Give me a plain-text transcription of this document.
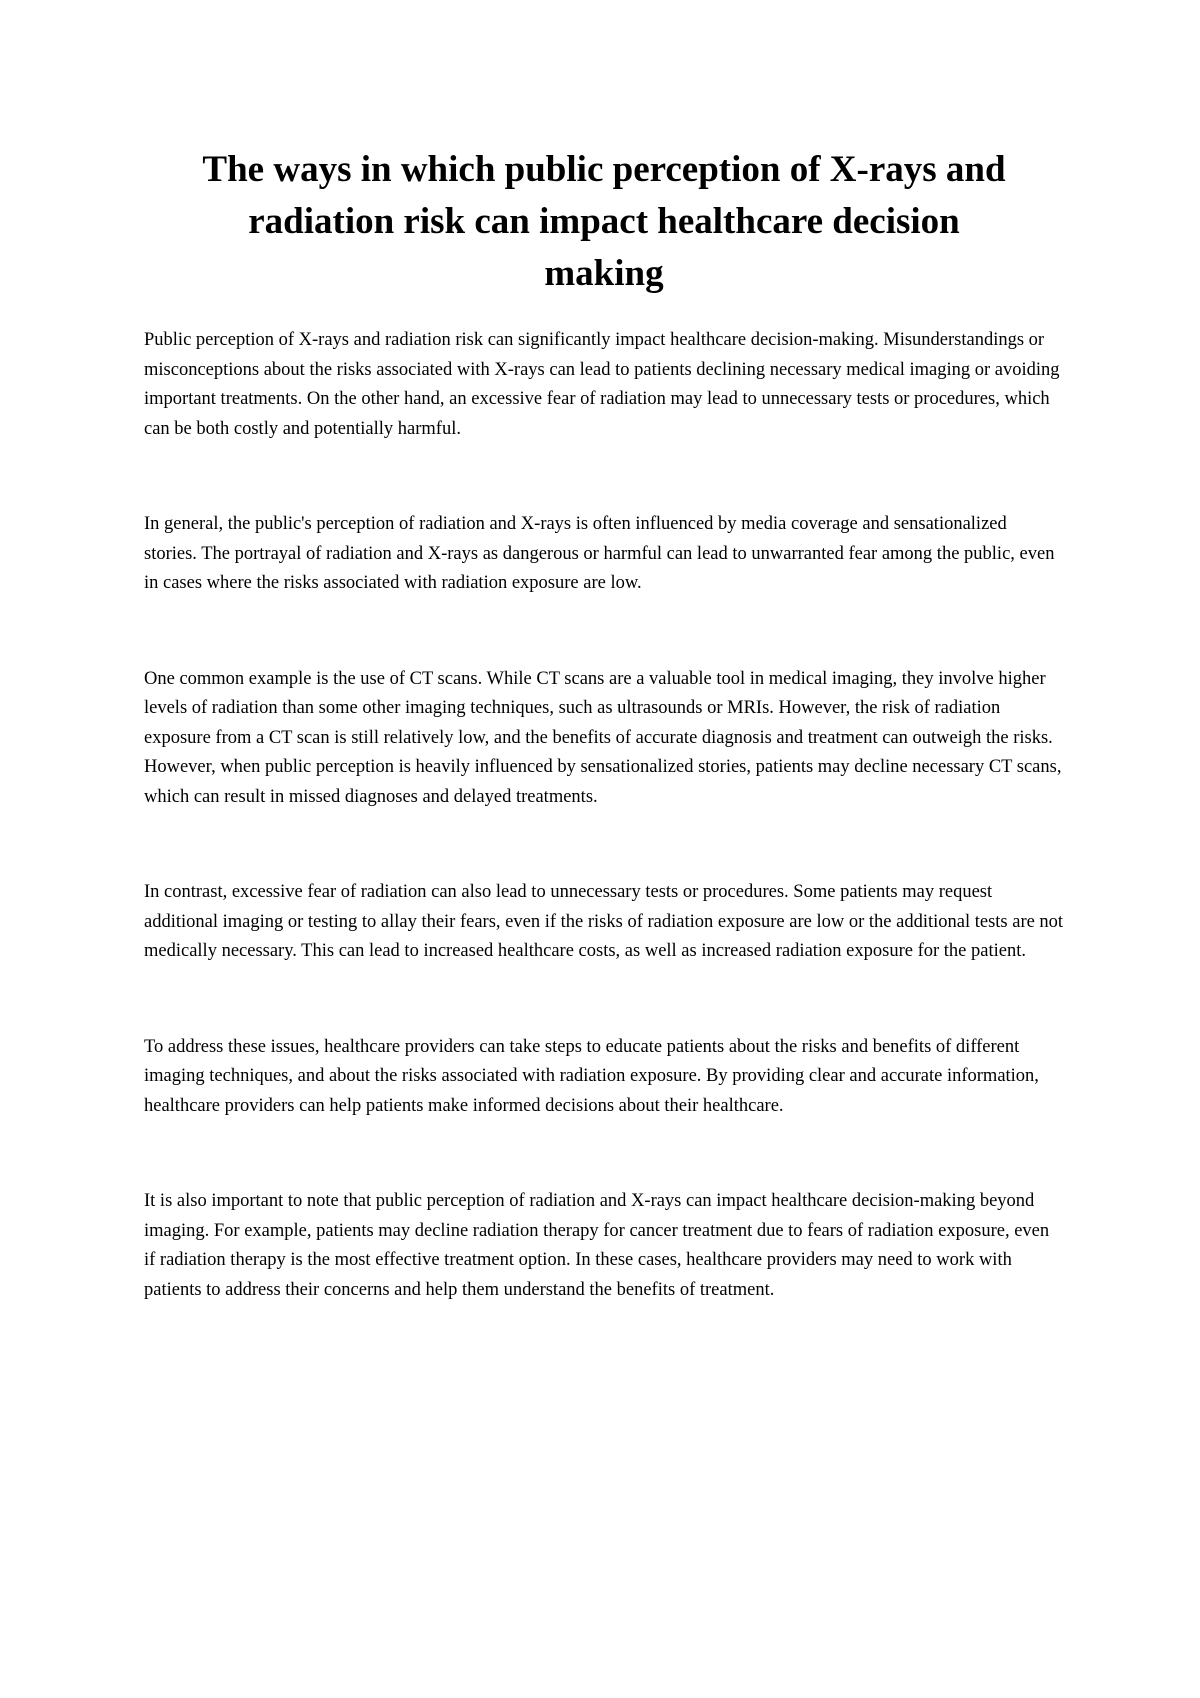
The ways in which public perception of X-rays and radiation risk can impact healthcare decision making

Public perception of X-rays and radiation risk can significantly impact healthcare decision-making. Misunderstandings or misconceptions about the risks associated with X-rays can lead to patients declining necessary medical imaging or avoiding important treatments. On the other hand, an excessive fear of radiation may lead to unnecessary tests or procedures, which can be both costly and potentially harmful.

In general, the public's perception of radiation and X-rays is often influenced by media coverage and sensationalized stories. The portrayal of radiation and X-rays as dangerous or harmful can lead to unwarranted fear among the public, even in cases where the risks associated with radiation exposure are low.

One common example is the use of CT scans. While CT scans are a valuable tool in medical imaging, they involve higher levels of radiation than some other imaging techniques, such as ultrasounds or MRIs. However, the risk of radiation exposure from a CT scan is still relatively low, and the benefits of accurate diagnosis and treatment can outweigh the risks. However, when public perception is heavily influenced by sensationalized stories, patients may decline necessary CT scans, which can result in missed diagnoses and delayed treatments.

In contrast, excessive fear of radiation can also lead to unnecessary tests or procedures. Some patients may request additional imaging or testing to allay their fears, even if the risks of radiation exposure are low or the additional tests are not medically necessary. This can lead to increased healthcare costs, as well as increased radiation exposure for the patient.

To address these issues, healthcare providers can take steps to educate patients about the risks and benefits of different imaging techniques, and about the risks associated with radiation exposure. By providing clear and accurate information, healthcare providers can help patients make informed decisions about their healthcare.

It is also important to note that public perception of radiation and X-rays can impact healthcare decision-making beyond imaging. For example, patients may decline radiation therapy for cancer treatment due to fears of radiation exposure, even if radiation therapy is the most effective treatment option. In these cases, healthcare providers may need to work with patients to address their concerns and help them understand the benefits of treatment.
